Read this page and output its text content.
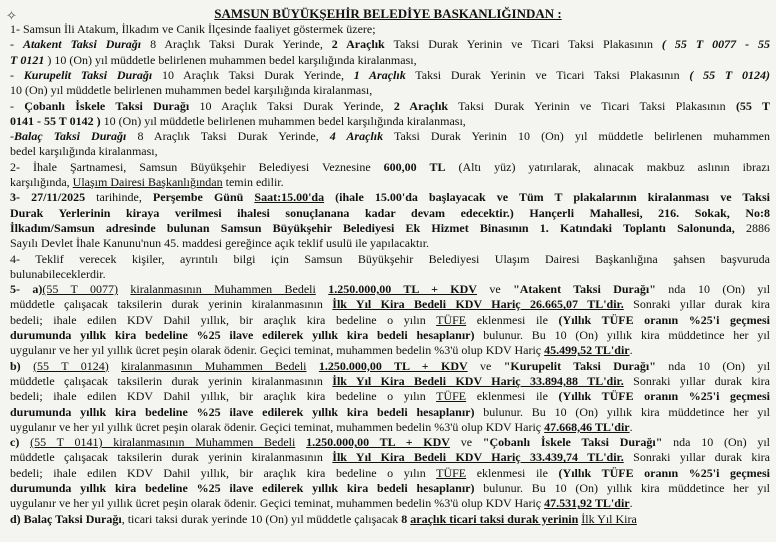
✧	SAMSUN BÜYÜKŞEHİR BELEDİYE BASKANLIĞINDAN :
1- Samsun İli Atakum, İlkadım ve Canik İlçesinde faaliyet göstermek üzere;
- Atakent Taksi Durağı 8 Araçlık Taksi Durak Yerinde, 2 Araçlık Taksi Durak Yerinin ve Ticari Taksi Plakasının ( 55 T 0077 - 55
T 0121 ) 10 (On) yıl müddetle belirlenen muhammen bedel karşılığında kiralanması,
- Kurupelit Taksi Durağı 10 Araçlık Taksi Durak Yerinde, 1 Araçlık Taksi Durak Yerinin ve Ticari Taksi Plakasının ( 55 T 0124)
10 (On) yıl müddetle belirlenen muhammen bedel karşılığında kiralanması,
- Çobanlı İskele Taksi Durağı 10 Araçlık Taksi Durak Yerinde, 2 Araçlık Taksi Durak Yerinin ve Ticari Taksi Plakasının (55 T
0141 - 55 T 0142 ) 10 (On) yıl müddetle belirlenen muhammen bedel karşılığında kiralanması,
-Balaç Taksi Durağı 8 Araçlık Taksi Durak Yerinde, 4 Araçlık Taksi Durak Yerinin 10 (On) yıl müddetle belirlenen muhammen
bedel karşılığında kiralanması,
2- İhale Şartnamesi, Samsun Büyükşehir Belediyesi Veznesine 600,00 TL (Altı yüz) yatırılarak, alınacak makbuz aslının ibrazı
karşılığında, Ulaşım Dairesi Başkanlığından temin edilir.
3- 27/11/2025 tarihinde, Perşembe Günü Saat:15.00'da (ihale 15.00'da başlayacak ve Tüm T plakalarının kiralanması ve Taksi
Durak Yerlerinin kiraya verilmesi ihalesi sonuçlanana kadar devam edecektir.) Hançerli Mahallesi, 216. Sokak, No:8
İlkadım/Samsun adresinde bulunan Samsun Büyükşehir Belediyesi Ek Hizmet Binasının 1. Katındaki Toplantı Salonunda, 2886
Sayılı Devlet İhale Kanunu'nun 45. maddesi gereğince açık teklif usulü ile yapılacaktır.
4- Teklif verecek kişiler, ayrıntılı bilgi için Samsun Büyükşehir Belediyesi Ulaşım Dairesi Başkanlığına şahsen başvuruda
bulunabileceklerdir.
5- a)(55 T 0077) kiralanmasının Muhammen Bedeli 1.250.000,00 TL + KDV ve "Atakent Taksi Durağı" nda 10 (On) yıl
müddetle çalışacak taksilerin durak yerinin kiralanmasının İlk Yıl Kira Bedeli KDV Hariç 26.665,07 TL'dir. Sonraki yıllar durak kira
bedeli; ihale edilen KDV Dahil yıllık, bir araçlık kira bedeline o yılın TÜFE eklenmesi ile (Yıllık TÜFE oranın %25'i geçmesi
durumunda yıllık kira bedeline %25 ilave edilerek yıllık kira bedeli hesaplanır) bulunur. Bu 10 (On) yıllık kira müddetince her yıl
uygulanır ve her yıl yıllık ücret peşin olarak ödenir. Geçici teminat, muhammen bedelin %3'ü olup KDV Hariç 45.499,52 TL'dir.
b) (55 T 0124) kiralanmasının Muhammen Bedeli 1.250.000,00 TL + KDV ve "Kurupelit Taksi Durağı" nda 10 (On) yıl
müddetle çalışacak taksilerin durak yerinin kiralanmasının İlk Yıl Kira Bedeli KDV Hariç 33.894,88 TL'dir. Sonraki yıllar durak kira
bedeli; ihale edilen KDV Dahil yıllık, bir araçlık kira bedeline o yılın TÜFE eklenmesi ile (Yıllık TÜFE oranın %25'i geçmesi
durumunda yıllık kira bedeline %25 ilave edilerek yıllık kira bedeli hesaplanır) bulunur. Bu 10 (On) yıllık kira müddetince her yıl
uygulanır ve her yıl yıllık ücret peşin olarak ödenir. Geçici teminat, muhammen bedelin %3'ü olup KDV Hariç 47.668,46 TL'dir.
c) (55 T 0141) kiralanmasının Muhammen Bedeli 1.250.000,00 TL + KDV ve "Çobanlı İskele Taksi Durağı" nda 10 (On) yıl
müddetle çalışacak taksilerin durak yerinin kiralanmasının İlk Yıl Kira Bedeli KDV Hariç 33.439,74 TL'dir. Sonraki yıllar durak kira
bedeli; ihale edilen KDV Dahil yıllık, bir araçlık kira bedeline o yılın TÜFE eklenmesi ile (Yıllık TÜFE oranın %25'i geçmesi
durumunda yıllık kira bedeline %25 ilave edilerek yıllık kira bedeli hesaplanır) bulunur. Bu 10 (On) yıllık kira müddetince her yıl
uygulanır ve her yıl yıllık ücret peşin olarak ödenir. Geçici teminat, muhammen bedelin %3'ü olup KDV Hariç 47.531,92 TL'dir.
d) Balaç Taksi Durağı, ticari taksi durak yerinde 10 (On) yıl müddetle çalışacak 8 araçlık ticari taksi durak yerinin İlk Yıl Kira
